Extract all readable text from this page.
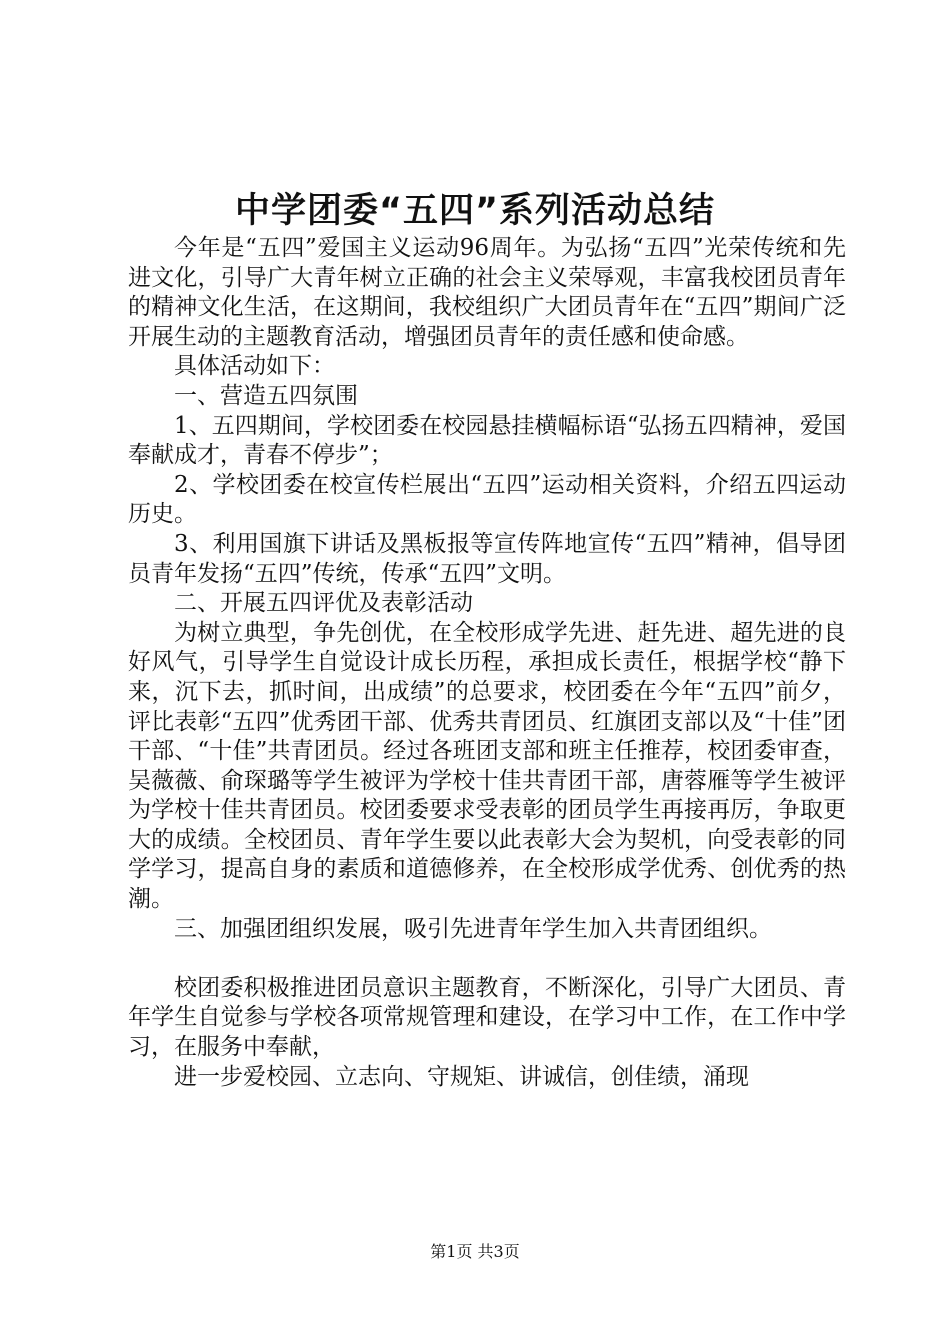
中学团委“五四”系列活动总结

今年是“五四”爱国主义运动96周年。为弘扬“五四”光荣传统和先进文化，引导广大青年树立正确的社会主义荣辱观，丰富我校团员青年的精神文化生活，在这期间，我校组织广大团员青年在“五四”期间广泛开展生动的主题教育活动，增强团员青年的责任感和使命感。

具体活动如下：

一、营造五四氛围

1、五四期间，学校团委在校园悬挂横幅标语“弘扬五四精神，爱国奉献成才，青春不停步”；

2、学校团委在校宣传栏展出“五四”运动相关资料，介绍五四运动历史。

3、利用国旗下讲话及黑板报等宣传阵地宣传“五四”精神，倡导团员青年发扬“五四”传统，传承“五四”文明。

二、开展五四评优及表彰活动

为树立典型，争先创优，在全校形成学先进、赶先进、超先进的良好风气，引导学生自觉设计成长历程，承担成长责任，根据学校“静下来，沉下去，抓时间，出成绩”的总要求，校团委在今年“五四”前夕，评比表彰“五四”优秀团干部、优秀共青团员、红旗团支部以及“十佳”团干部、“十佳”共青团员。经过各班团支部和班主任推荐，校团委审查，吴薇薇、俞琛璐等学生被评为学校十佳共青团干部，唐蓉雁等学生被评为学校十佳共青团员。校团委要求受表彰的团员学生再接再厉，争取更大的成绩。全校团员、青年学生要以此表彰大会为契机，向受表彰的同学学习，提高自身的素质和道德修养，在全校形成学优秀、创优秀的热潮。

三、加强团组织发展，吸引先进青年学生加入共青团组织。

校团委积极推进团员意识主题教育，不断深化，引导广大团员、青年学生自觉参与学校各项常规管理和建设，在学习中工作，在工作中学习，在服务中奉献，

进一步爱校园、立志向、守规矩、讲诚信，创佳绩，涌现

第1页 共3页
